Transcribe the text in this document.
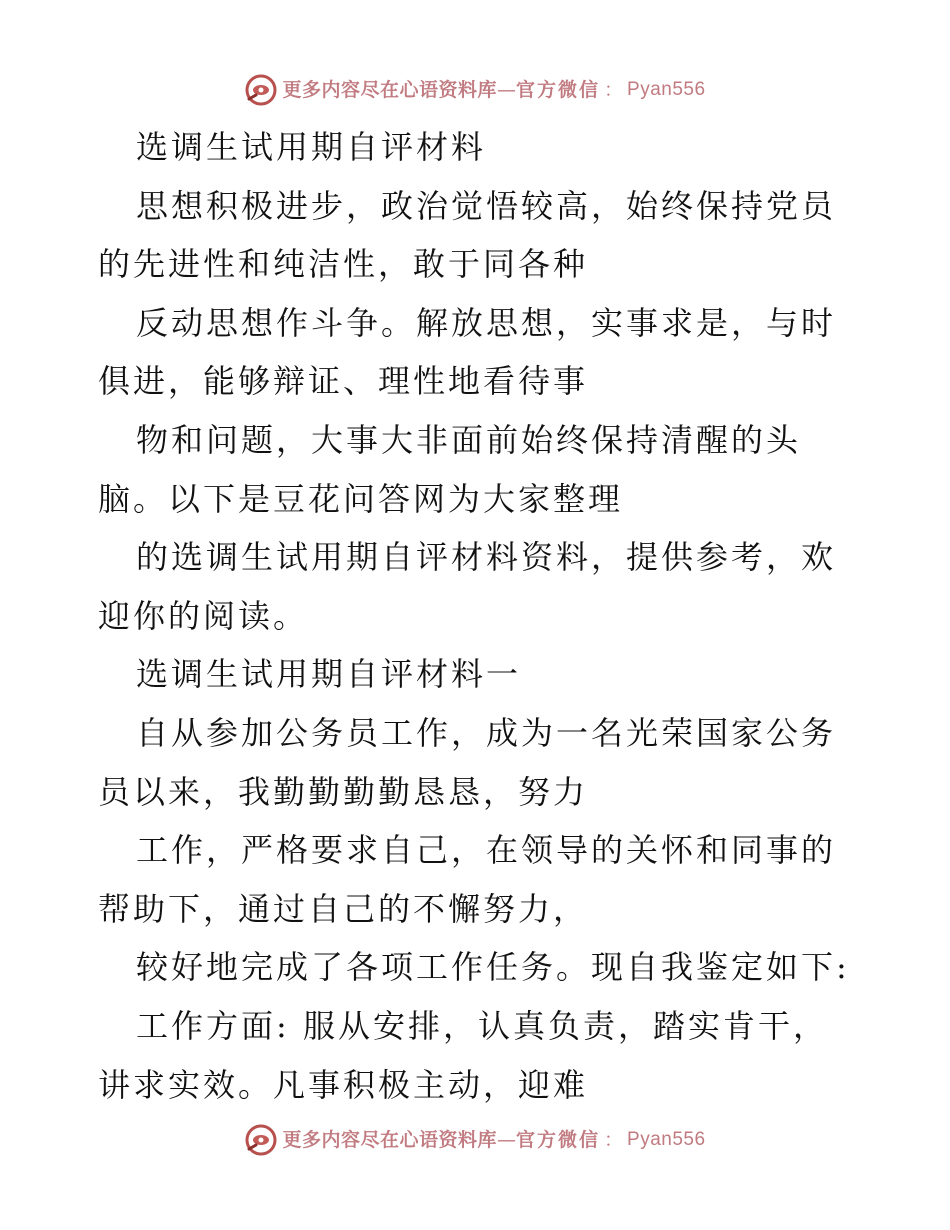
更多内容尽在心语资料库 — 官方微信 ： Pyan556

选调生试用期自评材料

思想积极进步，政治觉悟较高，始终保持党员的先进性和纯洁性，敢于同各种

反动思想作斗争。解放思想，实事求是，与时俱进，能够辩证、理性地看待事

物和问题，大事大非面前始终保持清醒的头脑。以下是豆花问答网为大家整理

的选调生试用期自评材料资料，提供参考，欢迎你的阅读。

选调生试用期自评材料一

自从参加公务员工作，成为一名光荣国家公务员以来，我勤勤勤勤恳恳，努力

工作，严格要求自己，在领导的关怀和同事的帮助下，通过自己的不懈努力，

较好地完成了各项工作任务。现自我鉴定如下:

工作方面: 服从安排，认真负责，踏实肯干，讲求实效。凡事积极主动，迎难

更多内容尽在心语资料库 — 官方微信 ： Pyan556
